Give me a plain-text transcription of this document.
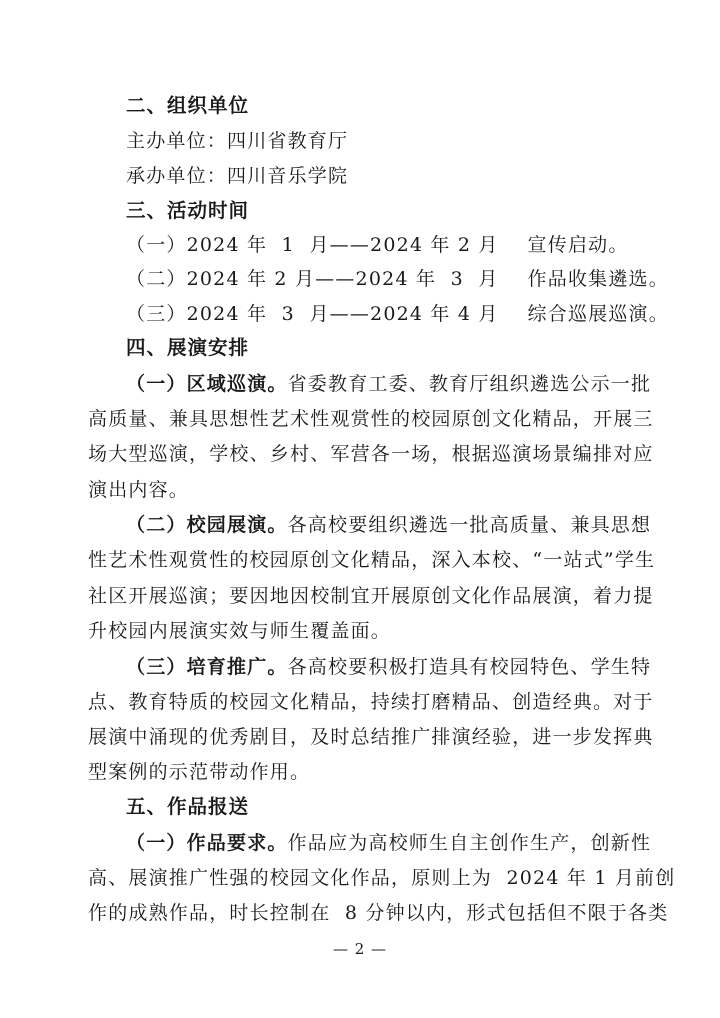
二、组织单位
主办单位：四川省教育厅
承办单位：四川音乐学院
三、活动时间
（一）2024 年  1  月——2024 年 2 月    宣传启动。
（二）2024 年 2 月——2024 年  3  月    作品收集遴选。
（三）2024 年  3  月——2024 年 4 月    综合巡展巡演。
四、展演安排
（一）区域巡演。省委教育工委、教育厅组织遴选公示一批
高质量、兼具思想性艺术性观赏性的校园原创文化精品，开展三
场大型巡演，学校、乡村、军营各一场，根据巡演场景编排对应
演出内容。
（二）校园展演。各高校要组织遴选一批高质量、兼具思想
性艺术性观赏性的校园原创文化精品，深入本校、“一站式”学生
社区开展巡演；要因地因校制宜开展原创文化作品展演，着力提
升校园内展演实效与师生覆盖面。
（三）培育推广。各高校要积极打造具有校园特色、学生特
点、教育特质的校园文化精品，持续打磨精品、创造经典。对于
展演中涌现的优秀剧目，及时总结推广排演经验，进一步发挥典
型案例的示范带动作用。
五、作品报送
（一）作品要求。作品应为高校师生自主创作生产，创新性
高、展演推广性强的校园文化作品，原则上为  2024 年 1 月前创
作的成熟作品，时长控制在  8 分钟以内，形式包括但不限于各类
— 2 —
